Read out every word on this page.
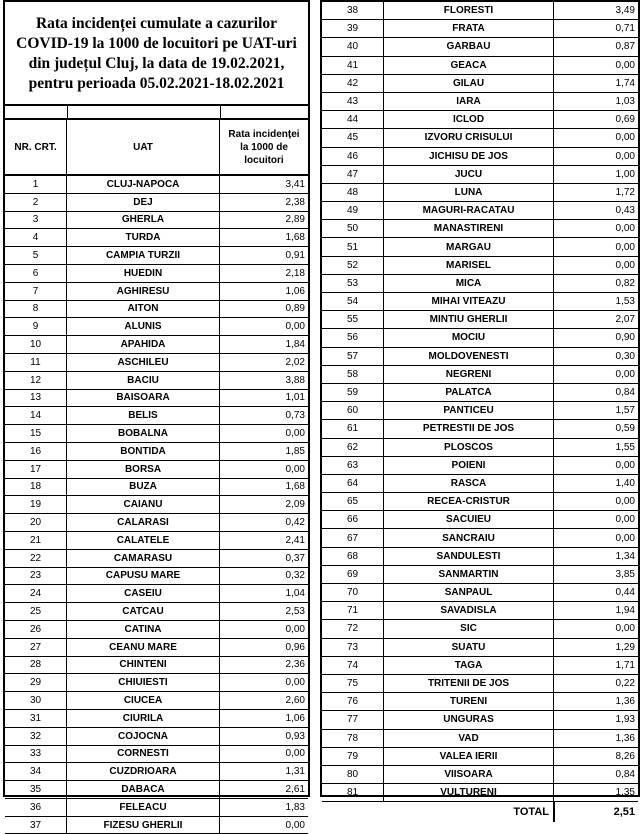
Rata incidenței cumulate a cazurilor
COVID-19 la 1000 de locuitori pe UAT-uri
din județul Cluj, la data de 19.02.2021,
pentru perioada 05.02.2021-18.02.2021
NR. CRT.	UAT
Rata incidenței
la 1000 de
locuitori
1	CLUJ-NAPOCA	3,41
2	DEJ	2,38
3	GHERLA	2,89
4	TURDA	1,68
5	CAMPIA TURZII	0,91
6	HUEDIN	2,18
7	AGHIRESU	1,06
8	AITON	0,89
9	ALUNIS	0,00
10	APAHIDA	1,84
11	ASCHILEU	2,02
12	BACIU	3,88
13	BAISOARA	1,01
14	BELIS	0,73
15	BOBALNA	0,00
16	BONTIDA	1,85
17	BORSA	0,00
18	BUZA	1,68
19	CAIANU	2,09
20	CALARASI	0,42
21	CALATELE	2,41
22	CAMARASU	0,37
23	CAPUSU MARE	0,32
24	CASEIU	1,04
25	CATCAU	2,53
26	CATINA	0,00
27	CEANU MARE	0,96
28	CHINTENI	2,36
29	CHIUIESTI	0,00
30	CIUCEA	2,60
31	CIURILA	1,06
32	COJOCNA	0,93
33	CORNESTI	0,00
34	CUZDRIOARA	1,31
35	DABACA	2,61
36	FELEACU	1,83
37	FIZESU GHERLII	0,00
38	FLORESTI	3,49
39	FRATA	0,71
40	GARBAU	0,87
41	GEACA	0,00
42	GILAU	1,74
43	IARA	1,03
44	ICLOD	0,69
45	IZVORU CRISULUI	0,00
46	JICHISU DE JOS	0,00
47	JUCU	1,00
48	LUNA	1,72
49	MAGURI-RACATAU	0,43
50	MANASTIRENI	0,00
51	MARGAU	0,00
52	MARISEL	0,00
53	MICA	0,82
54	MIHAI VITEAZU	1,53
55	MINTIU GHERLII	2,07
56	MOCIU	0,90
57	MOLDOVENESTI	0,30
58	NEGRENI	0,00
59	PALATCA	0,84
60	PANTICEU	1,57
61	PETRESTII DE JOS	0,59
62	PLOSCOS	1,55
63	POIENI	0,00
64	RASCA	1,40
65	RECEA-CRISTUR	0,00
66	SACUIEU	0,00
67	SANCRAIU	0,00
68	SANDULESTI	1,34
69	SANMARTIN	3,85
70	SANPAUL	0,44
71	SAVADISLA	1,94
72	SIC	0,00
73	SUATU	1,29
74	TAGA	1,71
75	TRITENII DE JOS	0,22
76	TURENI	1,36
77	UNGURAS	1,93
78	VAD	1,36
79	VALEA IERII	8,26
80	VIISOARA	0,84
81	VULTURENI	1,35
TOTAL	2,51
